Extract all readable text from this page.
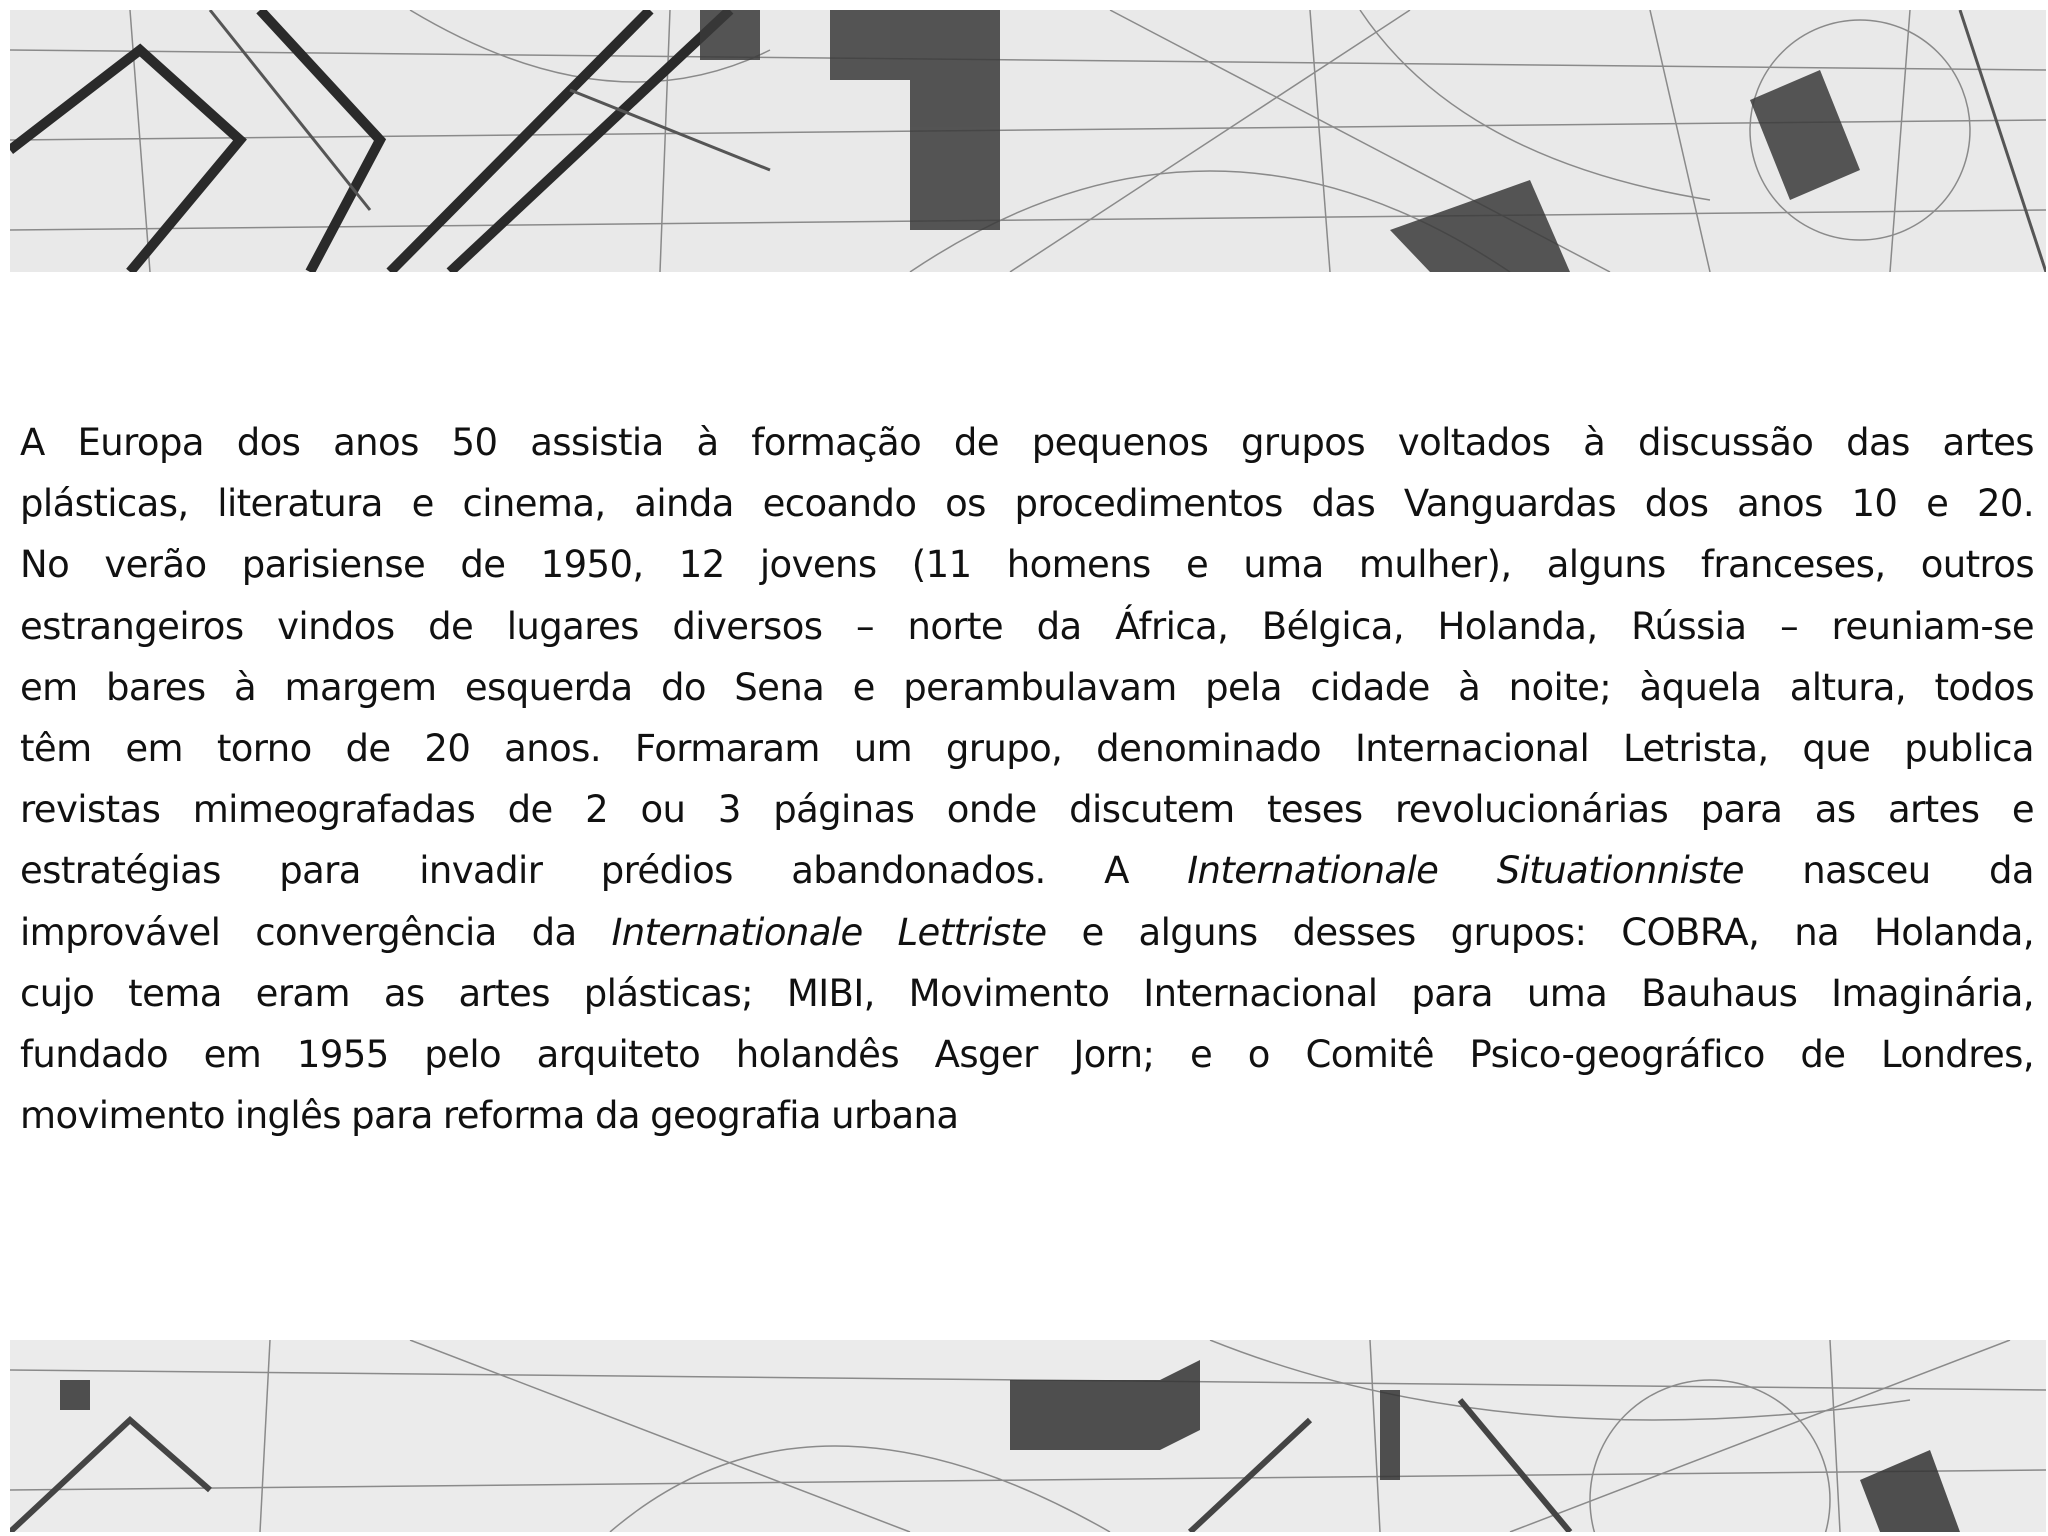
A Europa dos anos 50 assistia à formação de pequenos grupos voltados à discussão das artes
plásticas, literatura e cinema, ainda ecoando os procedimentos das Vanguardas dos anos 10 e 20.
No verão parisiense de 1950, 12 jovens (11 homens e uma mulher), alguns franceses, outros
estrangeiros vindos de lugares diversos – norte da África, Bélgica, Holanda, Rússia – reuniam-se
em bares à margem esquerda do Sena e perambulavam pela cidade à noite; àquela altura, todos
têm em torno de 20 anos. Formaram um grupo, denominado Internacional Letrista, que publica
revistas mimeografadas de 2 ou 3 páginas onde discutem teses revolucionárias para as artes e
estratégias para invadir prédios abandonados. A Internationale Situationniste nasceu da
improvável convergência da Internationale Lettriste e alguns desses grupos: COBRA, na Holanda,
cujo tema eram as artes plásticas; MIBI, Movimento Internacional para uma Bauhaus Imaginária,
fundado em 1955 pelo arquiteto holandês Asger Jorn; e o Comitê Psico-geográfico de Londres,
movimento inglês para reforma da geografia urbana
